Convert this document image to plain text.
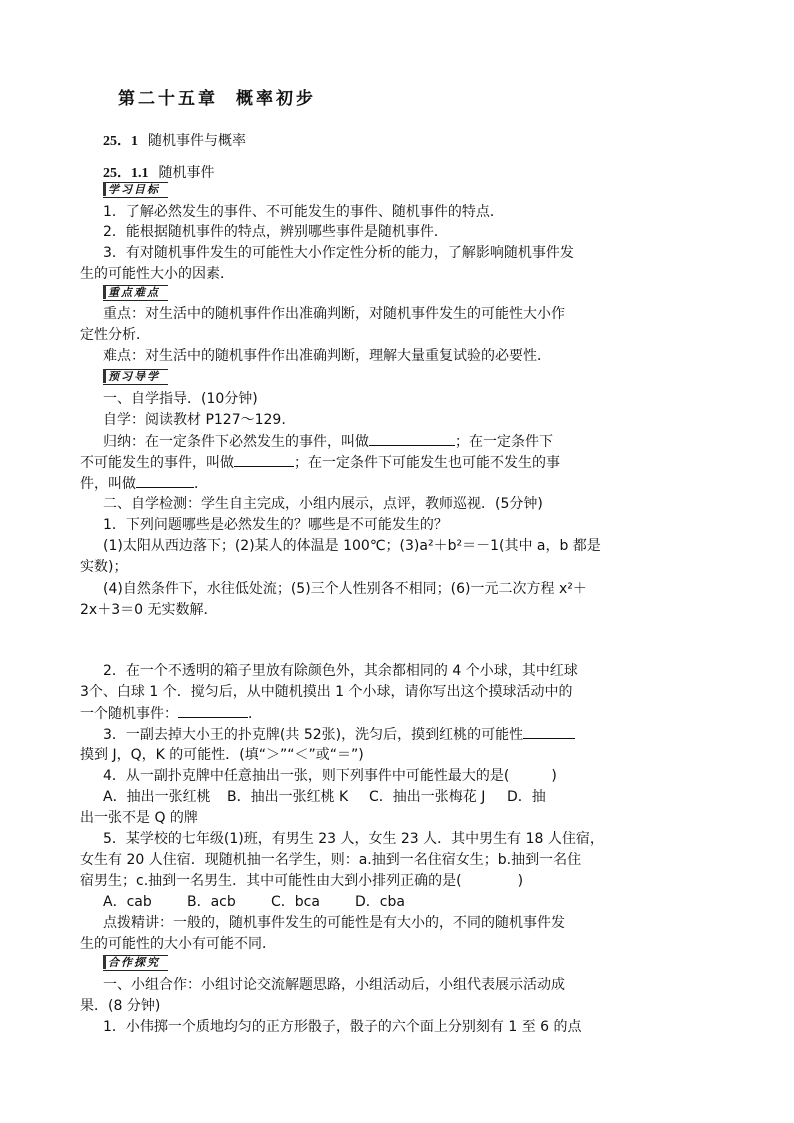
第二十五章 概率初步
25．1 随机事件与概率
25．1.1 随机事件
学习目标
1．了解必然发生的事件、不可能发生的事件、随机事件的特点．
2．能根据随机事件的特点，辨别哪些事件是随机事件．
3．有对随机事件发生的可能性大小作定性分析的能力，了解影响随机事件发
生的可能性大小的因素．
重点难点
重点：对生活中的随机事件作出准确判断，对随机事件发生的可能性大小作
定性分析．
难点：对生活中的随机事件作出准确判断，理解大量重复试验的必要性．
预习导学
一、自学指导．(10分钟)
自学：阅读教材 P127～129.
归纳：在一定条件下必然发生的事件，叫做	；在一定条件下
不可能发生的事件，叫做	；在一定条件下可能发生也可能不发生的事
件，叫做	．
二、自学检测：学生自主完成，小组内展示，点评，教师巡视．(5分钟)
1．下列问题哪些是必然发生的？哪些是不可能发生的？
(1)太阳从西边落下；(2)某人的体温是 100℃；(3)a²＋b²＝－1(其中 a，b 都是
实数)；
(4)自然条件下，水往低处流；(5)三个人性别各不相同；(6)一元二次方程 x²＋
2x＋3＝0 无实数解．
2．在一个不透明的箱子里放有除颜色外，其余都相同的 4 个小球，其中红球
3个、白球 1 个．搅匀后，从中随机摸出 1 个小球，请你写出这个摸球活动中的
一个随机事件：	．
3．一副去掉大小王的扑克牌(共 52张)，洗匀后，摸到红桃的可能性
摸到 J，Q，K 的可能性．(填“＞”“＜”或“＝”)
4．从一副扑克牌中任意抽出一张，则下列事件中可能性最大的是(　　　)
A．抽出一张红桃 B．抽出一张红桃 K C．抽出一张梅花 J D．抽
出一张不是 Q 的牌
5．某学校的七年级(1)班，有男生 23 人，女生 23 人．其中男生有 18 人住宿，
女生有 20 人住宿．现随机抽一名学生，则：a.抽到一名住宿女生；b.抽到一名住
宿男生；c.抽到一名男生．其中可能性由大到小排列正确的是(　　　　)
A．cab	B．acb	C．bca	D．cba
点拨精讲：一般的，随机事件发生的可能性是有大小的，不同的随机事件发
生的可能性的大小有可能不同．
合作探究
一、小组合作：小组讨论交流解题思路，小组活动后，小组代表展示活动成
果．(8 分钟)
1．小伟掷一个质地均匀的正方形骰子，骰子的六个面上分别刻有 1 至 6 的点
